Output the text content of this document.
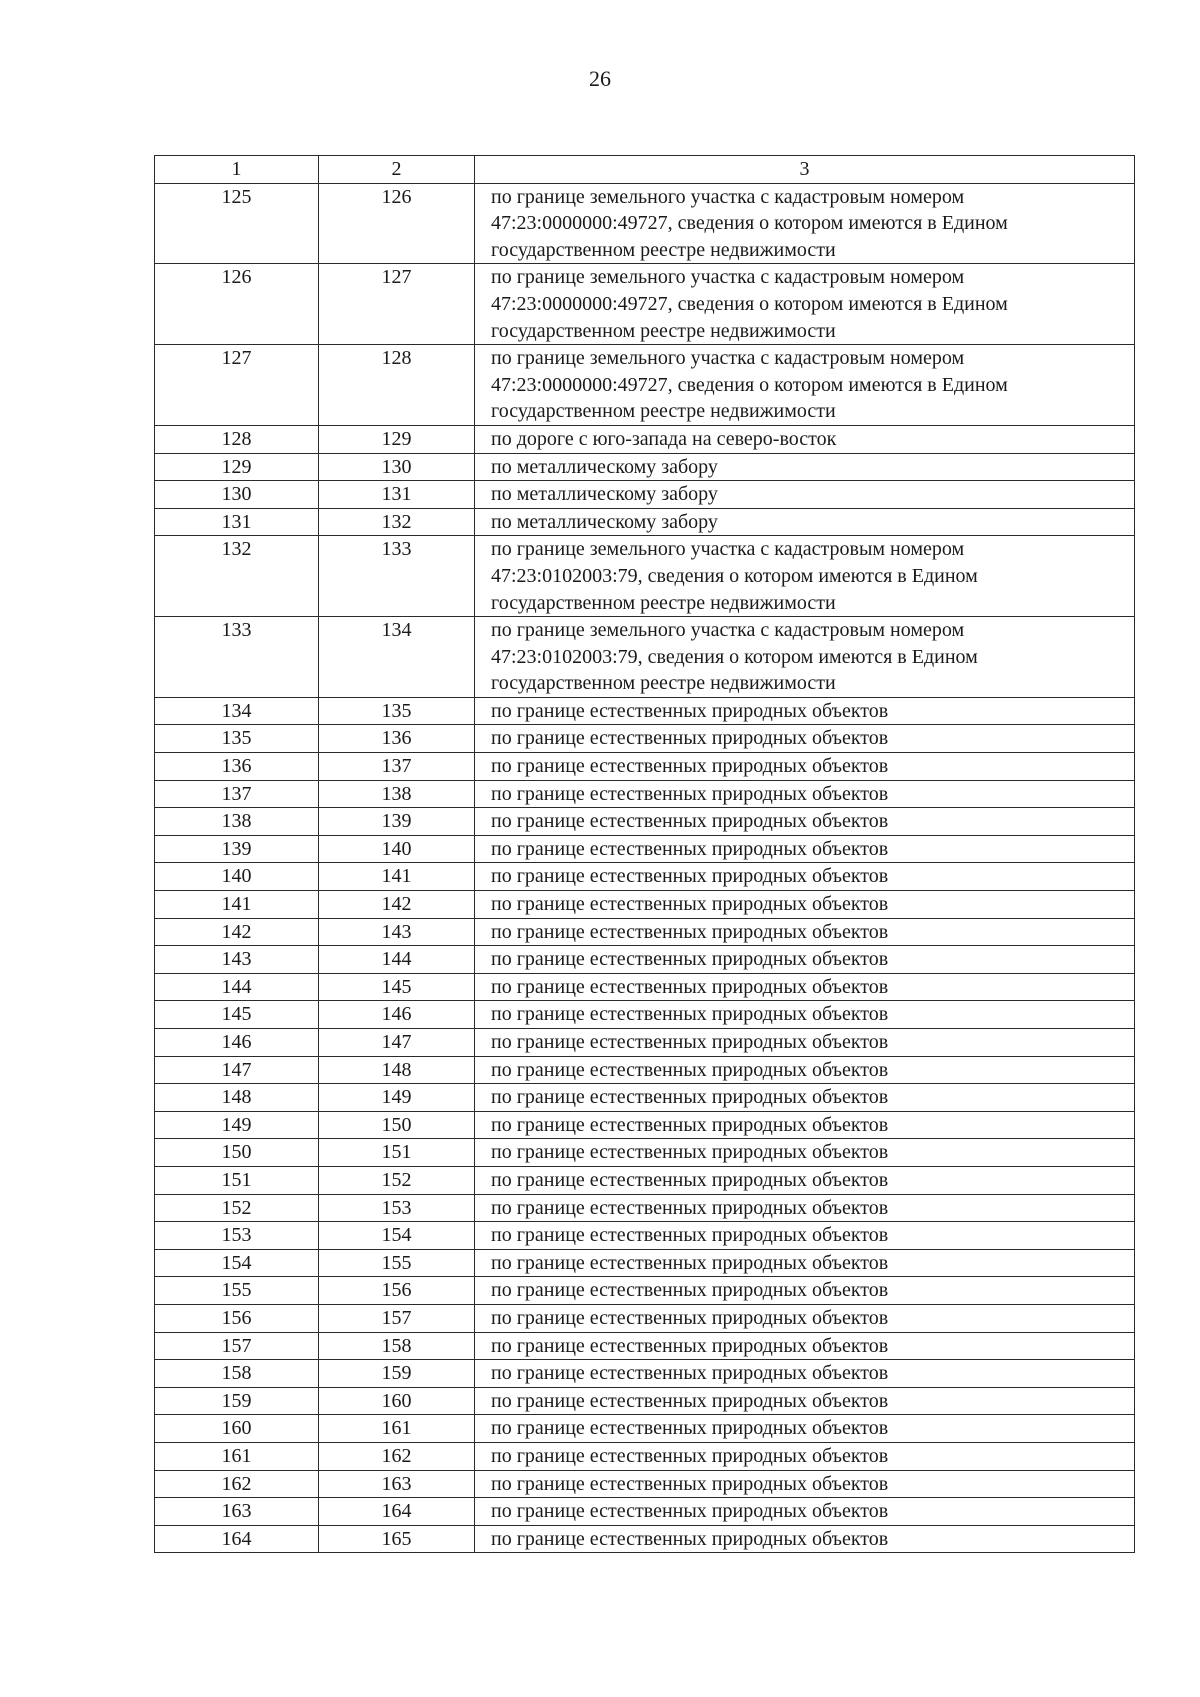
26
1	2	3
125	126	по границе земельного участка с кадастровым номером
47:23:0000000:49727, сведения о котором имеются в Едином
государственном реестре недвижимости

126	127	по границе земельного участка с кадастровым номером
47:23:0000000:49727, сведения о котором имеются в Едином
государственном реестре недвижимости

127	128	по границе земельного участка с кадастровым номером
47:23:0000000:49727, сведения о котором имеются в Едином
государственном реестре недвижимости

128	129	по дороге с юго-запада на северо-восток

129	130	по металлическому забору

130	131	по металлическому забору

131	132	по металлическому забору

132	133	по границе земельного участка с кадастровым номером
47:23:0102003:79, сведения о котором имеются в Едином
государственном реестре недвижимости

133	134	по границе земельного участка с кадастровым номером
47:23:0102003:79, сведения о котором имеются в Едином
государственном реестре недвижимости

134	135	по границе естественных природных объектов

135	136	по границе естественных природных объектов

136	137	по границе естественных природных объектов

137	138	по границе естественных природных объектов

138	139	по границе естественных природных объектов

139	140	по границе естественных природных объектов

140	141	по границе естественных природных объектов

141	142	по границе естественных природных объектов

142	143	по границе естественных природных объектов

143	144	по границе естественных природных объектов

144	145	по границе естественных природных объектов

145	146	по границе естественных природных объектов

146	147	по границе естественных природных объектов

147	148	по границе естественных природных объектов

148	149	по границе естественных природных объектов

149	150	по границе естественных природных объектов

150	151	по границе естественных природных объектов

151	152	по границе естественных природных объектов

152	153	по границе естественных природных объектов

153	154	по границе естественных природных объектов

154	155	по границе естественных природных объектов

155	156	по границе естественных природных объектов

156	157	по границе естественных природных объектов

157	158	по границе естественных природных объектов

158	159	по границе естественных природных объектов

159	160	по границе естественных природных объектов

160	161	по границе естественных природных объектов

161	162	по границе естественных природных объектов

162	163	по границе естественных природных объектов

163	164	по границе естественных природных объектов

164	165	по границе естественных природных объектов
